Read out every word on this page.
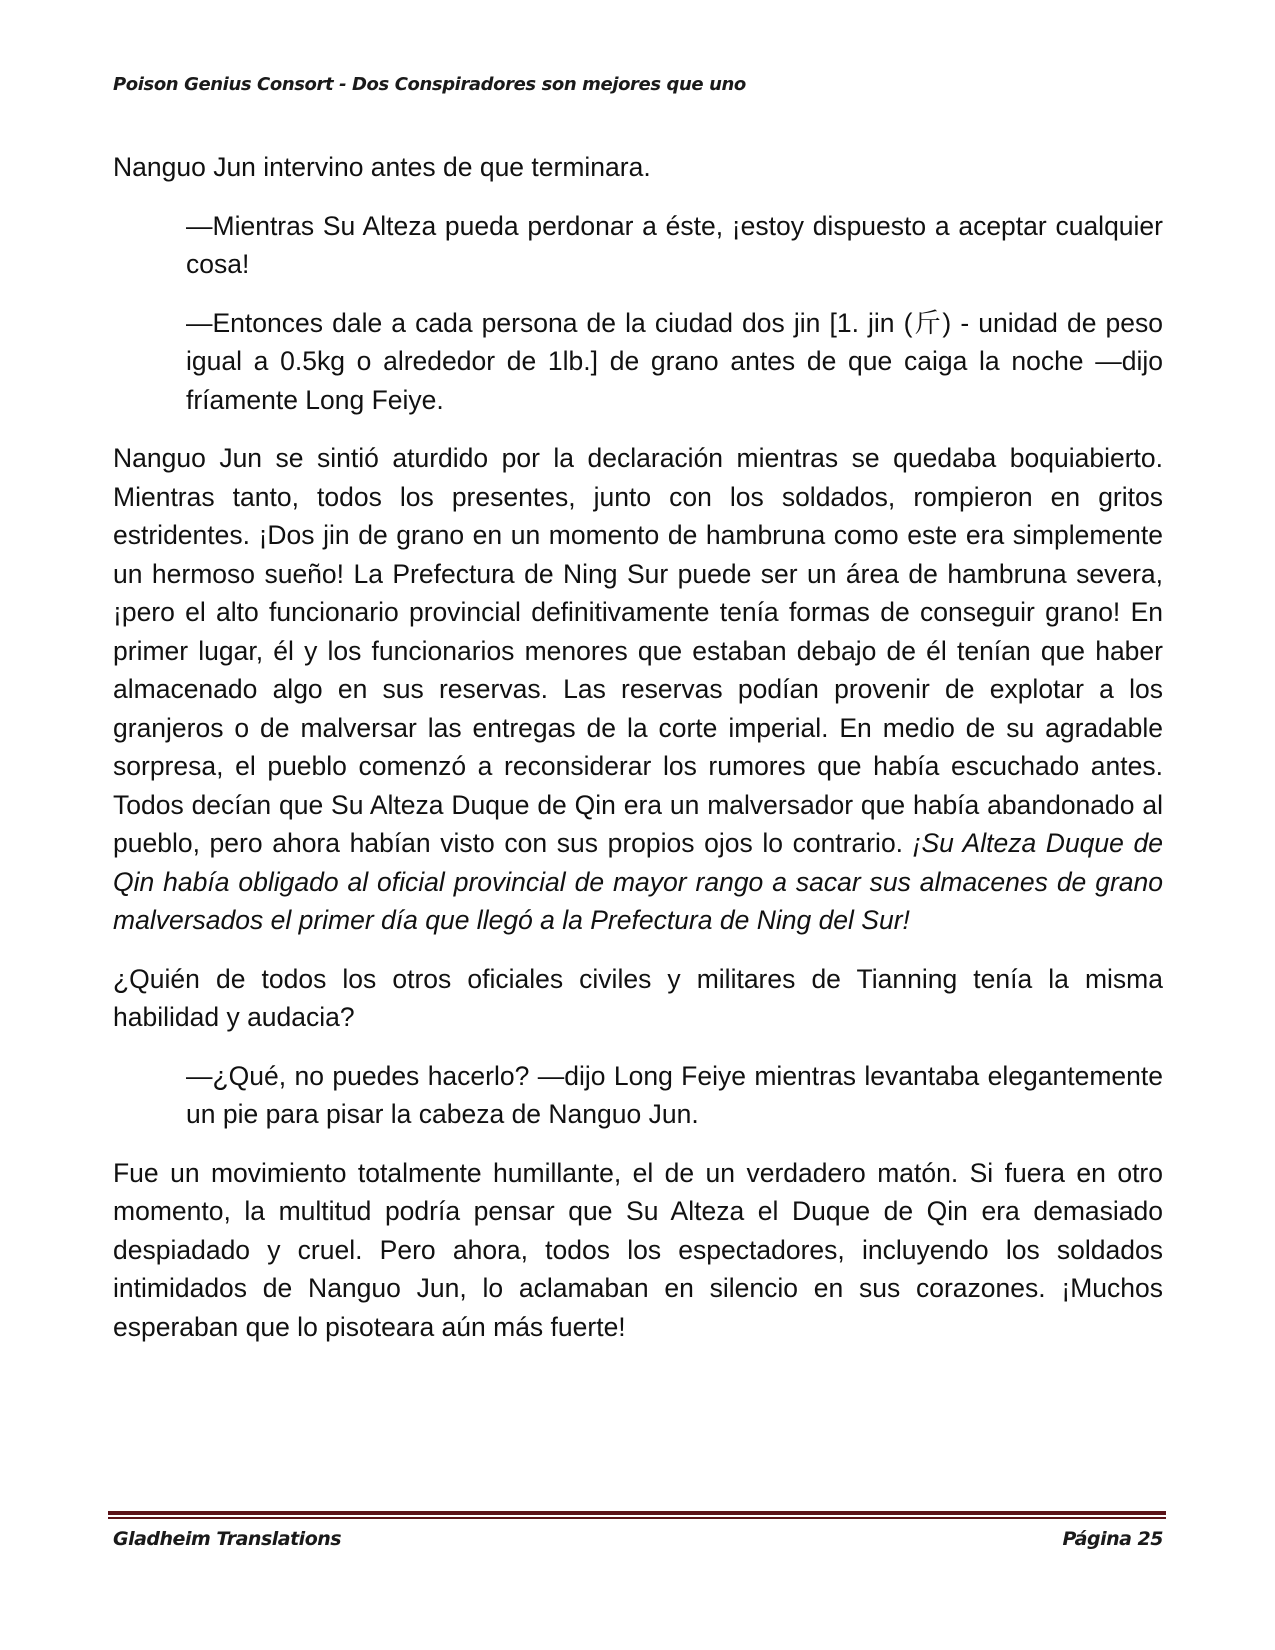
Poison Genius Consort - Dos Conspiradores son mejores que uno

Nanguo Jun intervino antes de que terminara.

—Mientras Su Alteza pueda perdonar a éste, ¡estoy dispuesto a aceptar cualquier cosa!

—Entonces dale a cada persona de la ciudad dos jin [1. jin (斤) - unidad de peso igual a 0.5kg o alrededor de 1lb.] de grano antes de que caiga la noche —dijo fríamente Long Feiye.

Nanguo Jun se sintió aturdido por la declaración mientras se quedaba boquiabierto. Mientras tanto, todos los presentes, junto con los soldados, rompieron en gritos estridentes. ¡Dos jin de grano en un momento de hambruna como este era simplemente un hermoso sueño! La Prefectura de Ning Sur puede ser un área de hambruna severa, ¡pero el alto funcionario provincial definitivamente tenía formas de conseguir grano! En primer lugar, él y los funcionarios menores que estaban debajo de él tenían que haber almacenado algo en sus reservas. Las reservas podían provenir de explotar a los granjeros o de malversar las entregas de la corte imperial. En medio de su agradable sorpresa, el pueblo comenzó a reconsiderar los rumores que había escuchado antes. Todos decían que Su Alteza Duque de Qin era un malversador que había abandonado al pueblo, pero ahora habían visto con sus propios ojos lo contrario. ¡Su Alteza Duque de Qin había obligado al oficial provincial de mayor rango a sacar sus almacenes de grano malversados el primer día que llegó a la Prefectura de Ning del Sur!

¿Quién de todos los otros oficiales civiles y militares de Tianning tenía la misma habilidad y audacia?

—¿Qué, no puedes hacerlo? —dijo Long Feiye mientras levantaba elegantemente un pie para pisar la cabeza de Nanguo Jun.

Fue un movimiento totalmente humillante, el de un verdadero matón. Si fuera en otro momento, la multitud podría pensar que Su Alteza el Duque de Qin era demasiado despiadado y cruel. Pero ahora, todos los espectadores, incluyendo los soldados intimidados de Nanguo Jun, lo aclamaban en silencio en sus corazones. ¡Muchos esperaban que lo pisoteara aún más fuerte!

Gladheim Translations	Página 25
